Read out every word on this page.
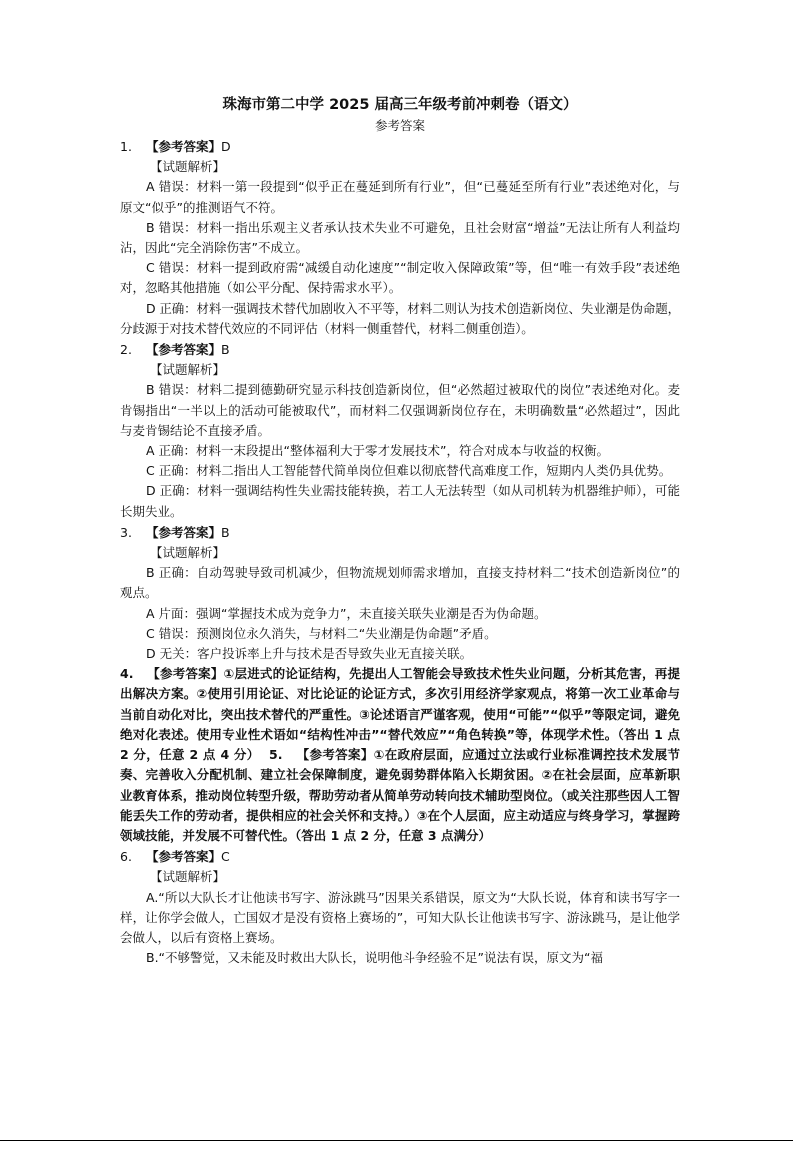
珠海市第二中学 2025 届高三年级考前冲刺卷（语文）
参考答案
1. 【参考答案】D
【试题解析】

A 错误：材料一第一段提到“似乎正在蔓延到所有行业”，但“已蔓延至所有行业”表述绝对化，与原文“似乎”的推测语气不符。

B 错误：材料一指出乐观主义者承认技术失业不可避免，且社会财富“增益”无法让所有人利益均沾，因此“完全消除伤害”不成立。

C 错误：材料一提到政府需“减缓自动化速度”“制定收入保障政策”等，但“唯一有效手段”表述绝对，忽略其他措施（如公平分配、保持需求水平）。

D 正确：材料一强调技术替代加剧收入不平等，材料二则认为技术创造新岗位、失业潮是伪命题，分歧源于对技术替代效应的不同评估（材料一侧重替代，材料二侧重创造）。

2. 【参考答案】B
【试题解析】

B 错误：材料二提到德勤研究显示科技创造新岗位，但“必然超过被取代的岗位”表述绝对化。麦肯锡指出“一半以上的活动可能被取代”，而材料二仅强调新岗位存在，未明确数量“必然超过”，因此与麦肯锡结论不直接矛盾。

A 正确：材料一末段提出“整体福利大于零才发展技术”，符合对成本与收益的权衡。

C 正确：材料二指出人工智能替代简单岗位但难以彻底替代高难度工作，短期内人类仍具优势。

D 正确：材料一强调结构性失业需技能转换，若工人无法转型（如从司机转为机器维护师），可能长期失业。

3. 【参考答案】B
【试题解析】

B 正确：自动驾驶导致司机减少，但物流规划师需求增加，直接支持材料二“技术创造新岗位”的观点。

A 片面：强调“掌握技术成为竞争力”，未直接关联失业潮是否为伪命题。

C 错误：预测岗位永久消失，与材料二“失业潮是伪命题”矛盾。

D 无关：客户投诉率上升与技术是否导致失业无直接关联。

4. 【参考答案】①层进式的论证结构，先提出人工智能会导致技术性失业问题，分析其危害，再提出解决方案。②使用引用论证、对比论证的论证方式，多次引用经济学家观点，将第一次工业革命与当前自动化对比，突出技术替代的严重性。③论述语言严谨客观，使用“可能”“似乎”等限定词，避免绝对化表述。使用专业性术语如“结构性冲击”“替代效应”“角色转换”等，体现学术性。（答出 1 点 2 分，任意 2 点 4 分） 5. 【参考答案】①在政府层面，应通过立法或行业标准调控技术发展节奏、完善收入分配机制、建立社会保障制度，避免弱势群体陷入长期贫困。②在社会层面，应革新职业教育体系，推动岗位转型升级，帮助劳动者从简单劳动转向技术辅助型岗位。（或关注那些因人工智能丢失工作的劳动者，提供相应的社会关怀和支持。）③在个人层面，应主动适应与终身学习，掌握跨领域技能，并发展不可替代性。（答出 1 点 2 分，任意 3 点满分）

6. 【参考答案】C
【试题解析】

A.“所以大队长才让他读书写字、游泳跳马”因果关系错误，原文为“大队长说，体育和读书写字一样，让你学会做人，亡国奴才是没有资格上赛场的”，可知大队长让他读书写字、游泳跳马，是让他学会做人，以后有资格上赛场。

B.“不够警觉，又未能及时救出大队长，说明他斗争经验不足”说法有误，原文为“福
